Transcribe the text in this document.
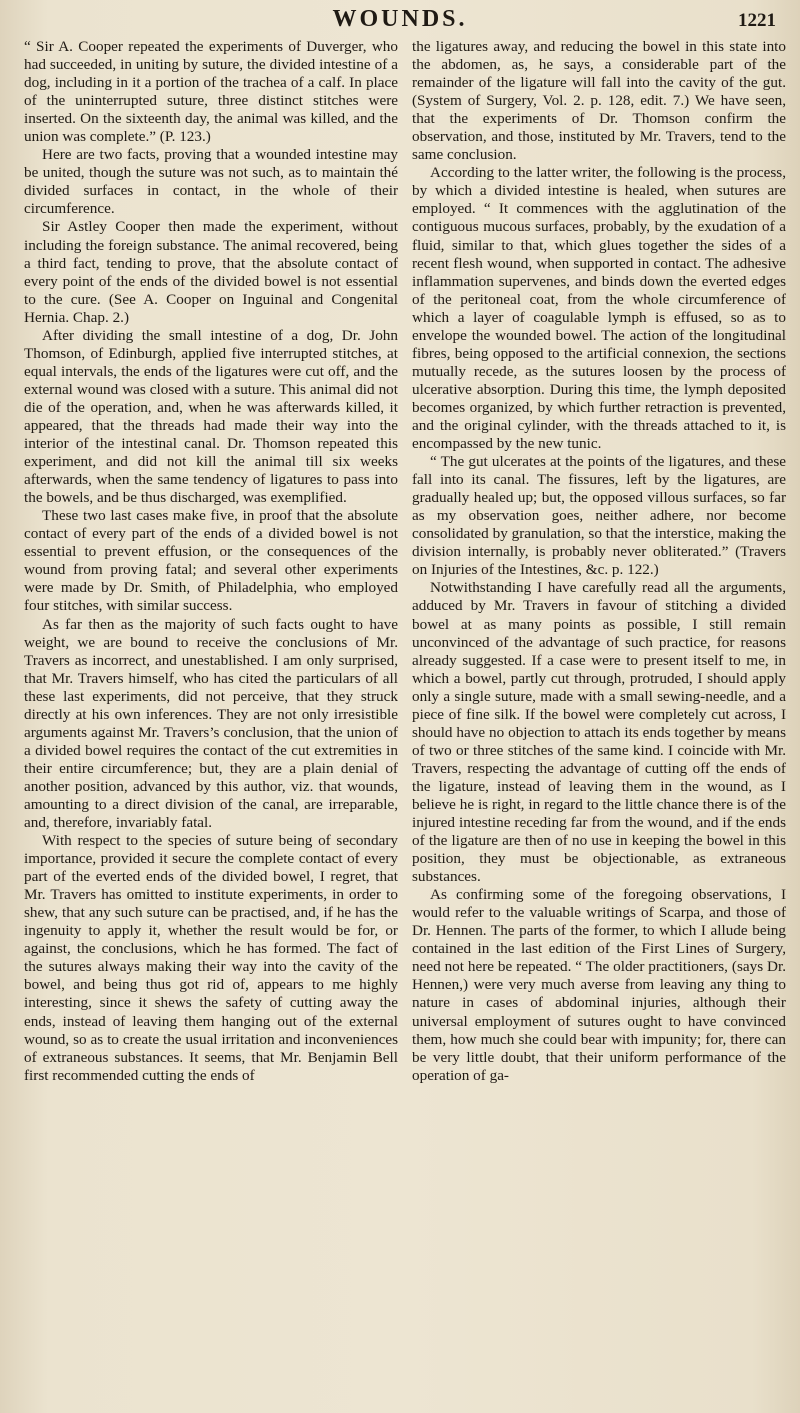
WOUNDS.	1221

“ Sir A. Cooper repeated the experiments of Duverger, who had succeeded, in uniting by suture, the divided intestine of a dog, including in it a portion of the trachea of a calf. In place of the uninterrupted suture, three distinct stitches were inserted. On the sixteenth day, the animal was killed, and the union was complete.” (P. 123.)

Here are two facts, proving that a wounded intestine may be united, though the suture was not such, as to maintain thé divided surfaces in contact, in the whole of their circumference.

Sir Astley Cooper then made the experiment, without including the foreign substance. The animal recovered, being a third fact, tending to prove, that the absolute contact of every point of the ends of the divided bowel is not essential to the cure. (See A. Cooper on Inguinal and Congenital Hernia. Chap. 2.)

After dividing the small intestine of a dog, Dr. John Thomson, of Edinburgh, applied five interrupted stitches, at equal intervals, the ends of the ligatures were cut off, and the external wound was closed with a suture. This animal did not die of the operation, and, when he was afterwards killed, it appeared, that the threads had made their way into the interior of the intestinal canal. Dr. Thomson repeated this experiment, and did not kill the animal till six weeks afterwards, when the same tendency of ligatures to pass into the bowels, and be thus discharged, was exemplified.

These two last cases make five, in proof that the absolute contact of every part of the ends of a divided bowel is not essential to prevent effusion, or the consequences of the wound from proving fatal; and several other experiments were made by Dr. Smith, of Philadelphia, who employed four stitches, with similar success.

As far then as the majority of such facts ought to have weight, we are bound to receive the conclusions of Mr. Travers as incorrect, and unestablished. I am only surprised, that Mr. Travers himself, who has cited the particulars of all these last experiments, did not perceive, that they struck directly at his own inferences. They are not only irresistible arguments against Mr. Travers’s conclusion, that the union of a divided bowel requires the contact of the cut extremities in their entire circumference; but, they are a plain denial of another position, advanced by this author, viz. that wounds, amounting to a direct division of the canal, are irreparable, and, therefore, invariably fatal.

With respect to the species of suture being of secondary importance, provided it secure the complete contact of every part of the everted ends of the divided bowel, I regret, that Mr. Travers has omitted to institute experiments, in order to shew, that any such suture can be practised, and, if he has the ingenuity to apply it, whether the result would be for, or against, the conclusions, which he has formed. The fact of the sutures always making their way into the cavity of the bowel, and being thus got rid of, appears to me highly interesting, since it shews the safety of cutting away the ends, instead of leaving them hanging out of the external wound, so as to create the usual irritation and inconveniences of extraneous substances. It seems, that Mr. Benjamin Bell first recommended cutting the ends of

the ligatures away, and reducing the bowel in this state into the abdomen, as, he says, a considerable part of the remainder of the ligature will fall into the cavity of the gut. (System of Surgery, Vol. 2. p. 128, edit. 7.) We have seen, that the experiments of Dr. Thomson confirm the observation, and those, instituted by Mr. Travers, tend to the same conclusion.

According to the latter writer, the following is the process, by which a divided intestine is healed, when sutures are employed. “ It commences with the agglutination of the contiguous mucous surfaces, probably, by the exudation of a fluid, similar to that, which glues together the sides of a recent flesh wound, when supported in contact. The adhesive inflammation supervenes, and binds down the everted edges of the peritoneal coat, from the whole circumference of which a layer of coagulable lymph is effused, so as to envelope the wounded bowel. The action of the longitudinal fibres, being opposed to the artificial connexion, the sections mutually recede, as the sutures loosen by the process of ulcerative absorption. During this time, the lymph deposited becomes organized, by which further retraction is prevented, and the original cylinder, with the threads attached to it, is encompassed by the new tunic.

“ The gut ulcerates at the points of the ligatures, and these fall into its canal. The fissures, left by the ligatures, are gradually healed up; but, the opposed villous surfaces, so far as my observation goes, neither adhere, nor become consolidated by granulation, so that the interstice, making the division internally, is probably never obliterated.” (Travers on Injuries of the Intestines, &c. p. 122.)

Notwithstanding I have carefully read all the arguments, adduced by Mr. Travers in favour of stitching a divided bowel at as many points as possible, I still remain unconvinced of the advantage of such practice, for reasons already suggested. If a case were to present itself to me, in which a bowel, partly cut through, protruded, I should apply only a single suture, made with a small sewing-needle, and a piece of fine silk. If the bowel were completely cut across, I should have no objection to attach its ends together by means of two or three stitches of the same kind. I coincide with Mr. Travers, respecting the advantage of cutting off the ends of the ligature, instead of leaving them in the wound, as I believe he is right, in regard to the little chance there is of the injured intestine receding far from the wound, and if the ends of the ligature are then of no use in keeping the bowel in this position, they must be objectionable, as extraneous substances.

As confirming some of the foregoing observations, I would refer to the valuable writings of Scarpa, and those of Dr. Hennen. The parts of the former, to which I allude being contained in the last edition of the First Lines of Surgery, need not here be repeated. “ The older practitioners, (says Dr. Hennen,) were very much averse from leaving any thing to nature in cases of abdominal injuries, although their universal employment of sutures ought to have convinced them, how much she could bear with impunity; for, there can be very little doubt, that their uniform performance of the operation of ga-
